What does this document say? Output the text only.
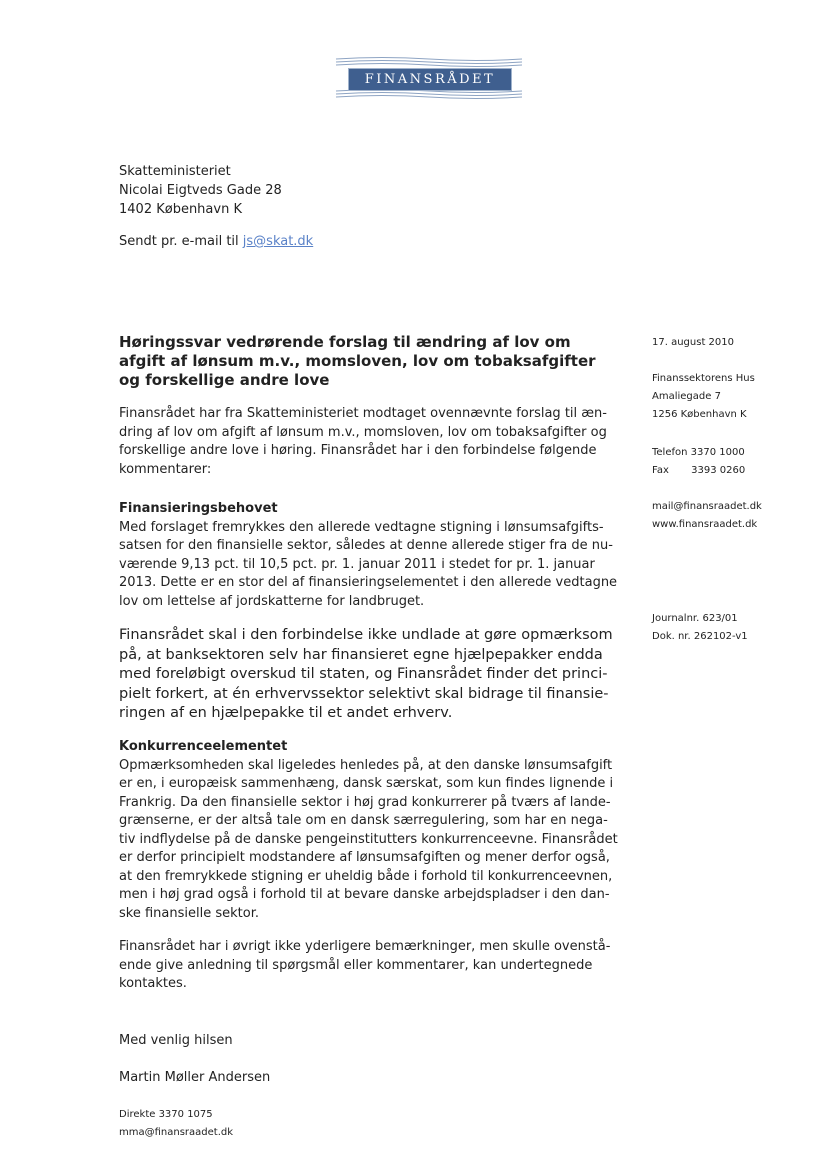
FINANSRÅDET
Skatteministeriet
Nicolai Eigtveds Gade 28
1402 København K
Sendt pr. e-mail til js@skat.dk
Høringssvar vedrørende forslag til ændring af lov om
afgift af lønsum m.v., momsloven, lov om tobaksafgifter
og forskellige andre love
Finansrådet har fra Skatteministeriet modtaget ovennævnte forslag til æn-
dring af lov om afgift af lønsum m.v., momsloven, lov om tobaksafgifter og
forskellige andre love i høring. Finansrådet har i den forbindelse følgende
kommentarer:
Finansieringsbehovet
Med forslaget fremrykkes den allerede vedtagne stigning i lønsumsafgifts-
satsen for den finansielle sektor, således at denne allerede stiger fra de nu-
værende 9,13 pct. til 10,5 pct. pr. 1. januar 2011 i stedet for pr. 1. januar
2013. Dette er en stor del af finansieringselementet i den allerede vedtagne
lov om lettelse af jordskatterne for landbruget.
Finansrådet skal i den forbindelse ikke undlade at gøre opmærksom
på, at banksektoren selv har finansieret egne hjælpepakker endda
med foreløbigt overskud til staten, og Finansrådet finder det princi-
pielt forkert, at én erhvervssektor selektivt skal bidrage til finansie-
ringen af en hjælpepakke til et andet erhverv.
Konkurrenceelementet
Opmærksomheden skal ligeledes henledes på, at den danske lønsumsafgift
er en, i europæisk sammenhæng, dansk særskat, som kun findes lignende i
Frankrig. Da den finansielle sektor i høj grad konkurrerer på tværs af lande-
grænserne, er der altså tale om en dansk særregulering, som har en nega-
tiv indflydelse på de danske pengeinstitutters konkurrenceevne. Finansrådet
er derfor principielt modstandere af lønsumsafgiften og mener derfor også,
at den fremrykkede stigning er uheldig både i forhold til konkurrenceevnen,
men i høj grad også i forhold til at bevare danske arbejdspladser i den dan-
ske finansielle sektor.
Finansrådet har i øvrigt ikke yderligere bemærkninger, men skulle ovenstå-
ende give anledning til spørgsmål eller kommentarer, kan undertegnede
kontaktes.
Med venlig hilsen
Martin Møller Andersen
Direkte 3370 1075
mma@finansraadet.dk
17. august 2010
Finanssektorens Hus
Amaliegade 7
1256 København K
Telefon 3370 1000
Fax       3393 0260
mail@finansraadet.dk
www.finansraadet.dk
Journalnr. 623/01
Dok. nr. 262102-v1
